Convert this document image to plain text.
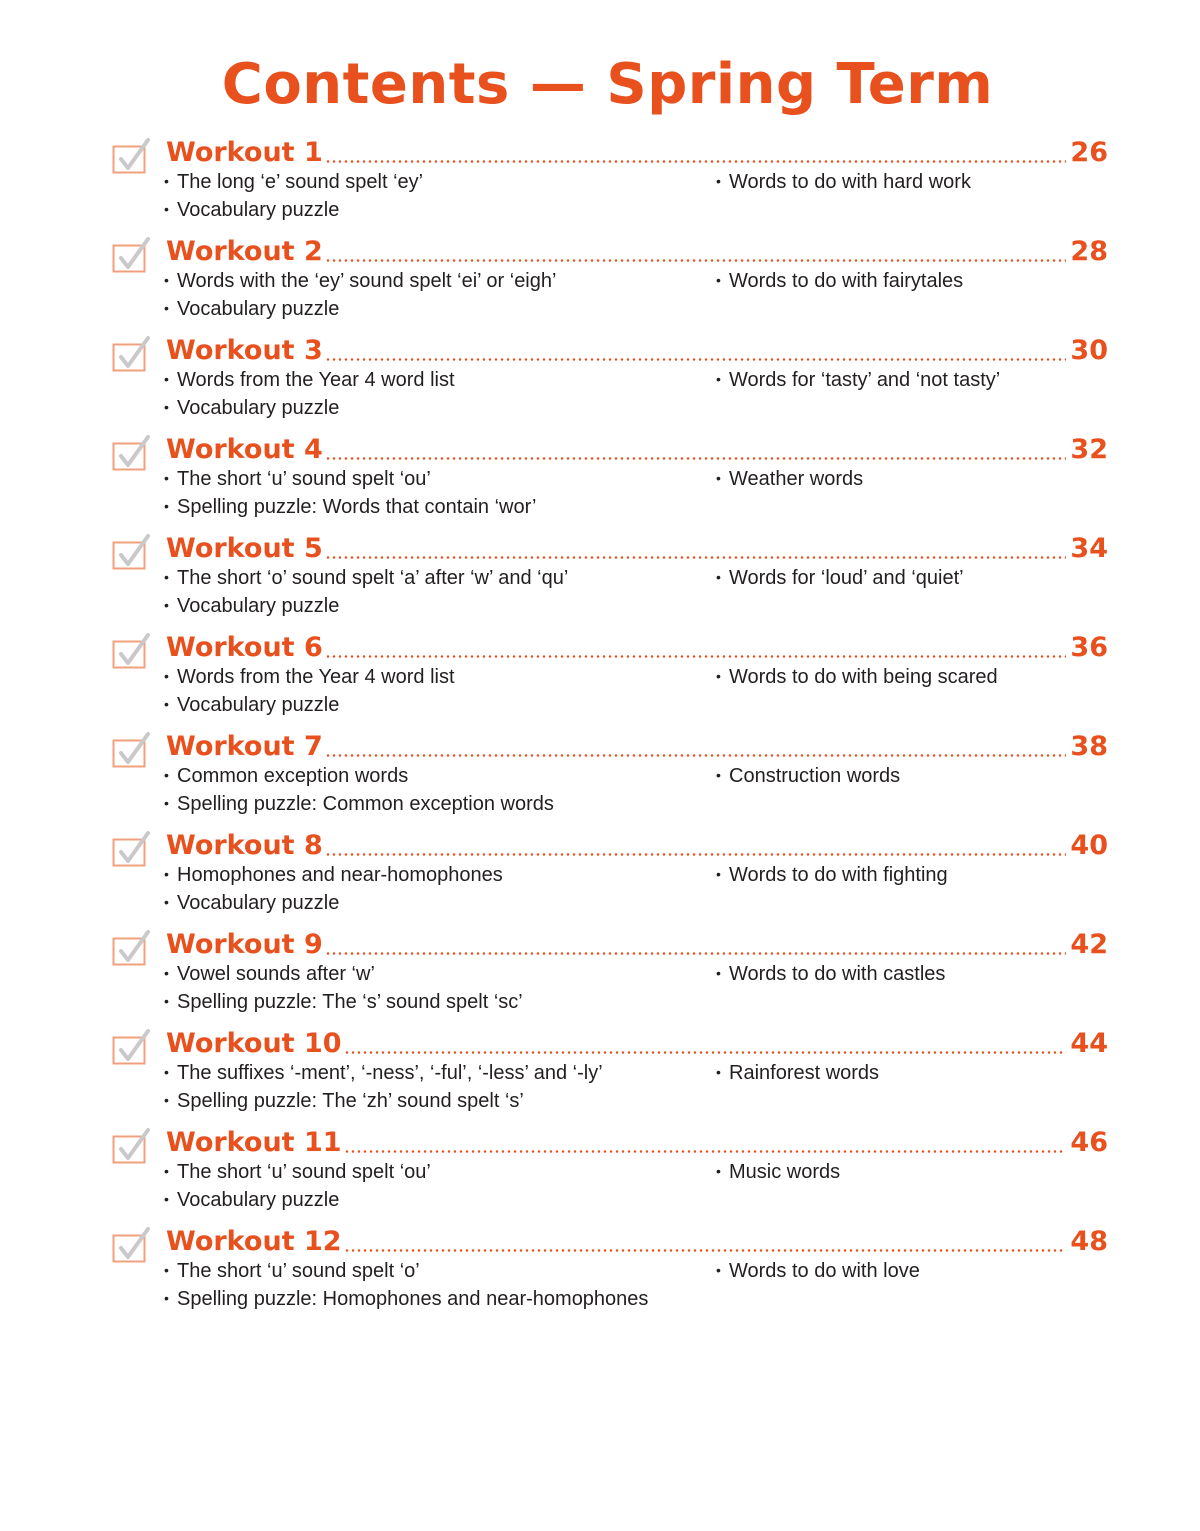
Contents — Spring Term
Workout 1	26
• The long ‘e’ sound spelt ‘ey’
• Vocabulary puzzle
• Words to do with hard work
Workout 2	28
• Words with the ‘ey’ sound spelt ‘ei’ or ‘eigh’
• Vocabulary puzzle
• Words to do with fairytales
Workout 3	30
• Words from the Year 4 word list
• Vocabulary puzzle
• Words for ‘tasty’ and ‘not tasty’
Workout 4	32
• The short ‘u’ sound spelt ‘ou’
• Spelling puzzle: Words that contain ‘wor’
• Weather words
Workout 5	34
• The short ‘o’ sound spelt ‘a’ after ‘w’ and ‘qu’
• Vocabulary puzzle
• Words for ‘loud’ and ‘quiet’
Workout 6	36
• Words from the Year 4 word list
• Vocabulary puzzle
• Words to do with being scared
Workout 7	38
• Common exception words
• Spelling puzzle: Common exception words
• Construction words
Workout 8	40
• Homophones and near-homophones
• Vocabulary puzzle
• Words to do with fighting
Workout 9	42
• Vowel sounds after ‘w’
• Spelling puzzle: The ‘s’ sound spelt ‘sc’
• Words to do with castles
Workout 10	44
• The suffixes ‘-ment’, ‘-ness’, ‘-ful’, ‘-less’ and ‘-ly’
• Spelling puzzle: The ‘zh’ sound spelt ‘s’
• Rainforest words
Workout 11	46
• The short ‘u’ sound spelt ‘ou’
• Vocabulary puzzle
• Music words
Workout 12	48
• The short ‘u’ sound spelt ‘o’
• Spelling puzzle: Homophones and near-homophones
• Words to do with love
